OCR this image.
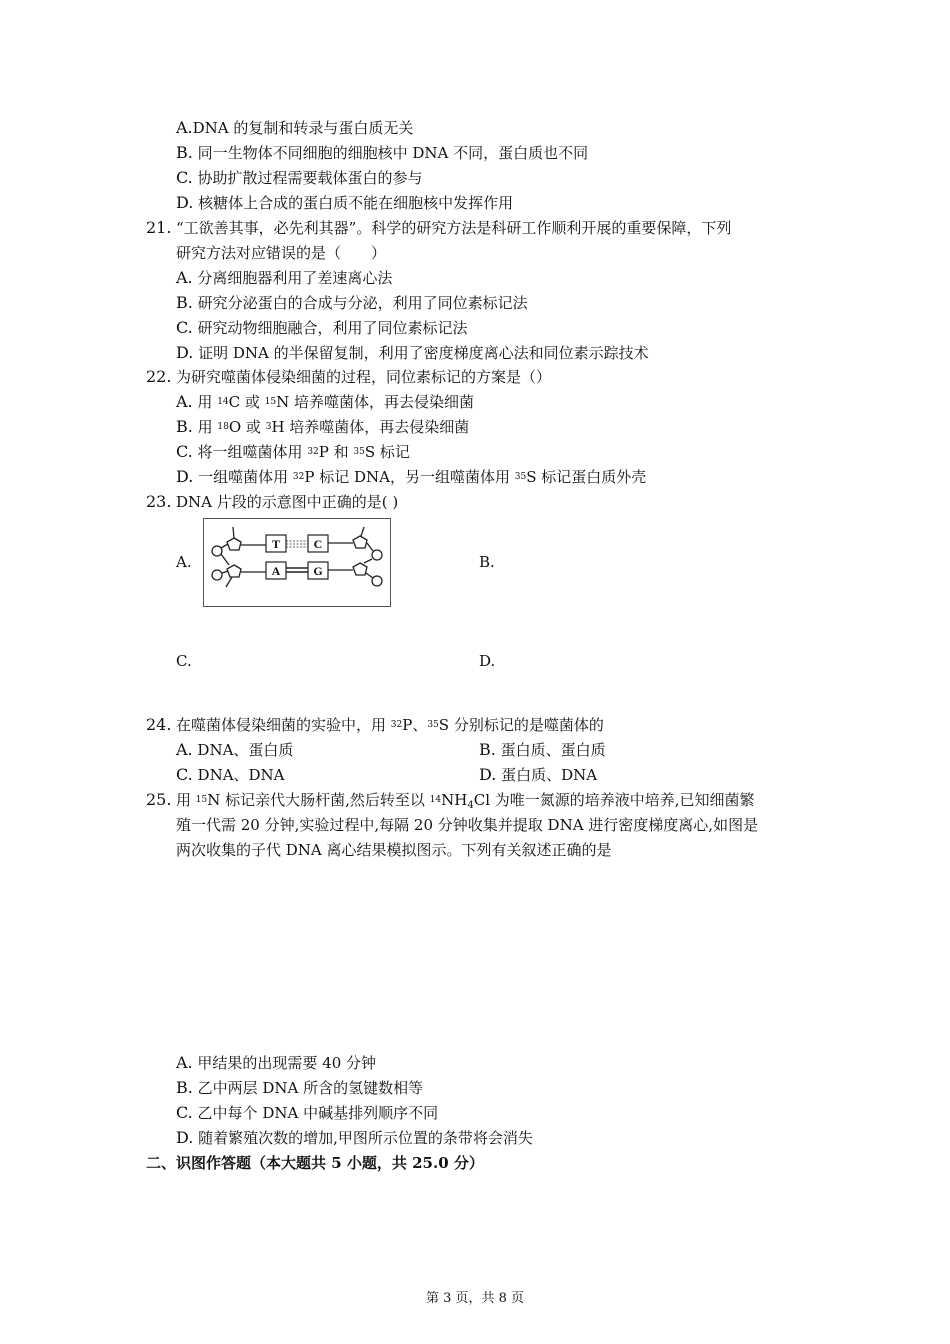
A.DNA 的复制和转录与蛋白质无关
B. 同一生物体不同细胞的细胞核中 DNA 不同，蛋白质也不同
C. 协助扩散过程需要载体蛋白的参与
D. 核糖体上合成的蛋白质不能在细胞核中发挥作用
21. “工欲善其事，必先利其器”。科学的研究方法是科研工作顺利开展的重要保障，下列
研究方法对应错误的是（　　）
A. 分离细胞器利用了差速离心法
B. 研究分泌蛋白的合成与分泌，利用了同位素标记法
C. 研究动物细胞融合，利用了同位素标记法
D. 证明 DNA 的半保留复制，利用了密度梯度离心法和同位素示踪技术
22. 为研究噬菌体侵染细菌的过程，同位素标记的方案是（）
A. 用 $^{14}$C 或 $^{15}$N 培养噬菌体，再去侵染细菌
B. 用 $^{18}$O 或 $^3$H 培养噬菌体，再去侵染细菌
C. 将一组噬菌体用 $^{32}$P 和 $^{35}$S 标记
D. 一组噬菌体用 $^{32}$P 标记 DNA，另一组噬菌体用 $^{35}$S 标记蛋白质外壳
23. DNA 片段的示意图中正确的是( )
A.
T	C
A	G	B.
C.	D.
24. 在噬菌体侵染细菌的实验中，用 $^{32}$P、$^{35}$S 分别标记的是噬菌体的
A. DNA、蛋白质	B. 蛋白质、蛋白质
C. DNA、DNA	D. 蛋白质、DNA
25. 用 $^{15}$N 标记亲代大肠杆菌,然后转至以 $^{14}NH_4Cl$ 为唯一氮源的培养液中培养,已知细菌繁
殖一代需 20 分钟,实验过程中,每隔 20 分钟收集并提取 DNA 进行密度梯度离心,如图是
两次收集的子代 DNA 离心结果模拟图示。下列有关叙述正确的是
A. 甲结果的出现需要 40 分钟
B. 乙中两层 DNA 所含的氢键数相等
C. 乙中每个 DNA 中碱基排列顺序不同
D. 随着繁殖次数的增加,甲图所示位置的条带将会消失
二、识图作答题（本大题共 5 小题，共 25.0 分）
第 3 页，共 8 页
